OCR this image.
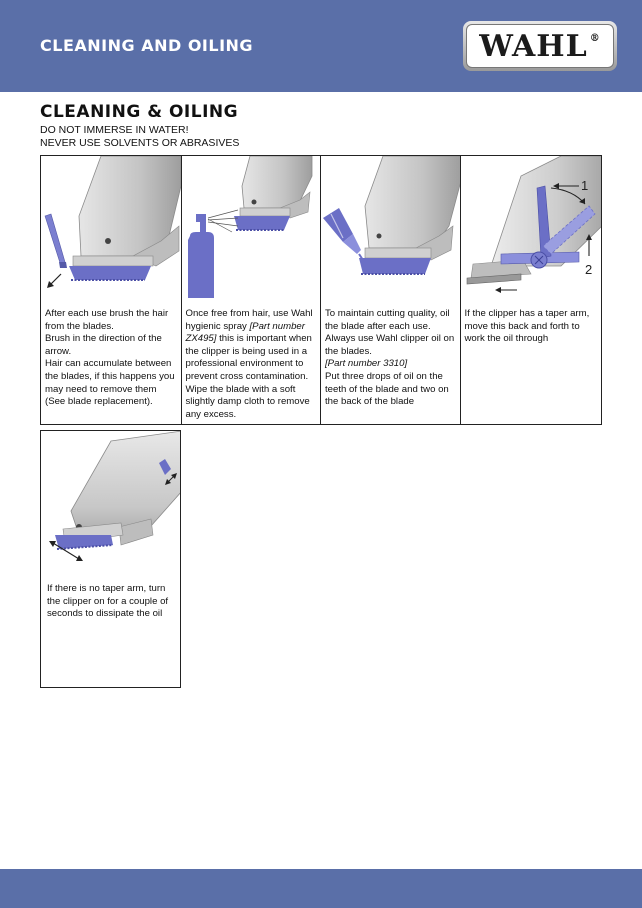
CLEANING AND OILING	WAHL®
CLEANING & OILING
DO NOT IMMERSE IN WATER!
NEVER USE SOLVENTS OR ABRASIVES
After each use brush the hair from the blades.
Brush in the direction of the arrow.
Hair can accumulate between the blades, if this happens you may need to remove them (See blade replacement).
Once free from hair, use Wahl hygienic spray [Part number ZX495] this is important when the clipper is being used in a professional environment to prevent cross contamination. Wipe the blade with a soft slightly damp cloth to remove any excess.
To maintain cutting quality, oil the blade after each use.
Always use Wahl clipper oil on the blades.
[Part number 3310]
Put three drops of oil on the teeth of the blade and two on the back of the blade
1
2
If the clipper has a taper arm, move this back and forth to work the oil through
If there is no taper arm, turn the clipper on for a couple of seconds to dissipate the oil
